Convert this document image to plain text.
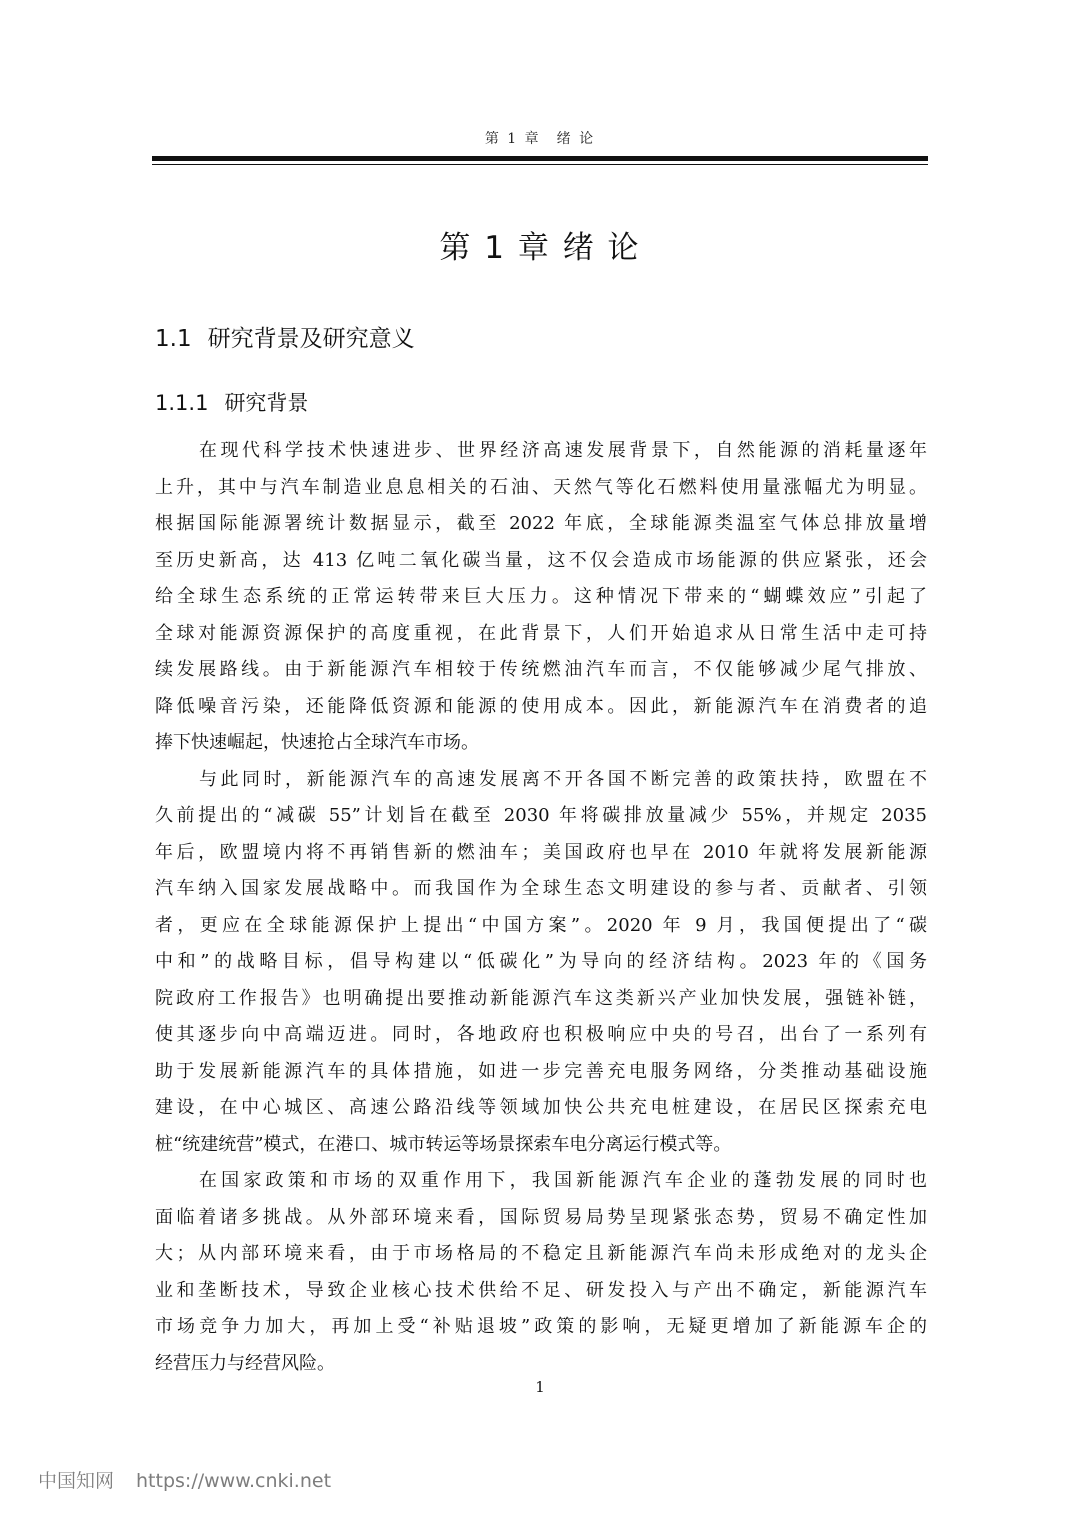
第 1 章　绪 论
第 1 章 绪 论
1.1 研究背景及研究意义
1.1.1 研究背景
在现代科学技术快速进步、世界经济高速发展背景下，自然能源的消耗量逐年
上升，其中与汽车制造业息息相关的石油、天然气等化石燃料使用量涨幅尤为明显。
根据国际能源署统计数据显示，截至 2022 年底，全球能源类温室气体总排放量增
至历史新高，达 413 亿吨二氧化碳当量，这不仅会造成市场能源的供应紧张，还会
给全球生态系统的正常运转带来巨大压力。这种情况下带来的“蝴蝶效应”引起了
全球对能源资源保护的高度重视，在此背景下，人们开始追求从日常生活中走可持
续发展路线。由于新能源汽车相较于传统燃油汽车而言，不仅能够减少尾气排放、
降低噪音污染，还能降低资源和能源的使用成本。因此，新能源汽车在消费者的追
捧下快速崛起，快速抢占全球汽车市场。
与此同时，新能源汽车的高速发展离不开各国不断完善的政策扶持，欧盟在不
久前提出的“减碳 55”计划旨在截至 2030 年将碳排放量减少 55%，并规定 2035
年后，欧盟境内将不再销售新的燃油车；美国政府也早在 2010 年就将发展新能源
汽车纳入国家发展战略中。而我国作为全球生态文明建设的参与者、贡献者、引领
者，更应在全球能源保护上提出“中国方案”。2020 年 9 月，我国便提出了“碳
中和”的战略目标，倡导构建以“低碳化”为导向的经济结构。2023 年的《国务
院政府工作报告》也明确提出要推动新能源汽车这类新兴产业加快发展，强链补链，
使其逐步向中高端迈进。同时，各地政府也积极响应中央的号召，出台了一系列有
助于发展新能源汽车的具体措施，如进一步完善充电服务网络，分类推动基础设施
建设，在中心城区、高速公路沿线等领域加快公共充电桩建设，在居民区探索充电
桩“统建统营”模式，在港口、城市转运等场景探索车电分离运行模式等。
在国家政策和市场的双重作用下，我国新能源汽车企业的蓬勃发展的同时也
面临着诸多挑战。从外部环境来看，国际贸易局势呈现紧张态势，贸易不确定性加
大；从内部环境来看，由于市场格局的不稳定且新能源汽车尚未形成绝对的龙头企
业和垄断技术，导致企业核心技术供给不足、研发投入与产出不确定，新能源汽车
市场竞争力加大，再加上受“补贴退坡”政策的影响，无疑更增加了新能源车企的
经营压力与经营风险。
1
中国知网 https://www.cnki.net
